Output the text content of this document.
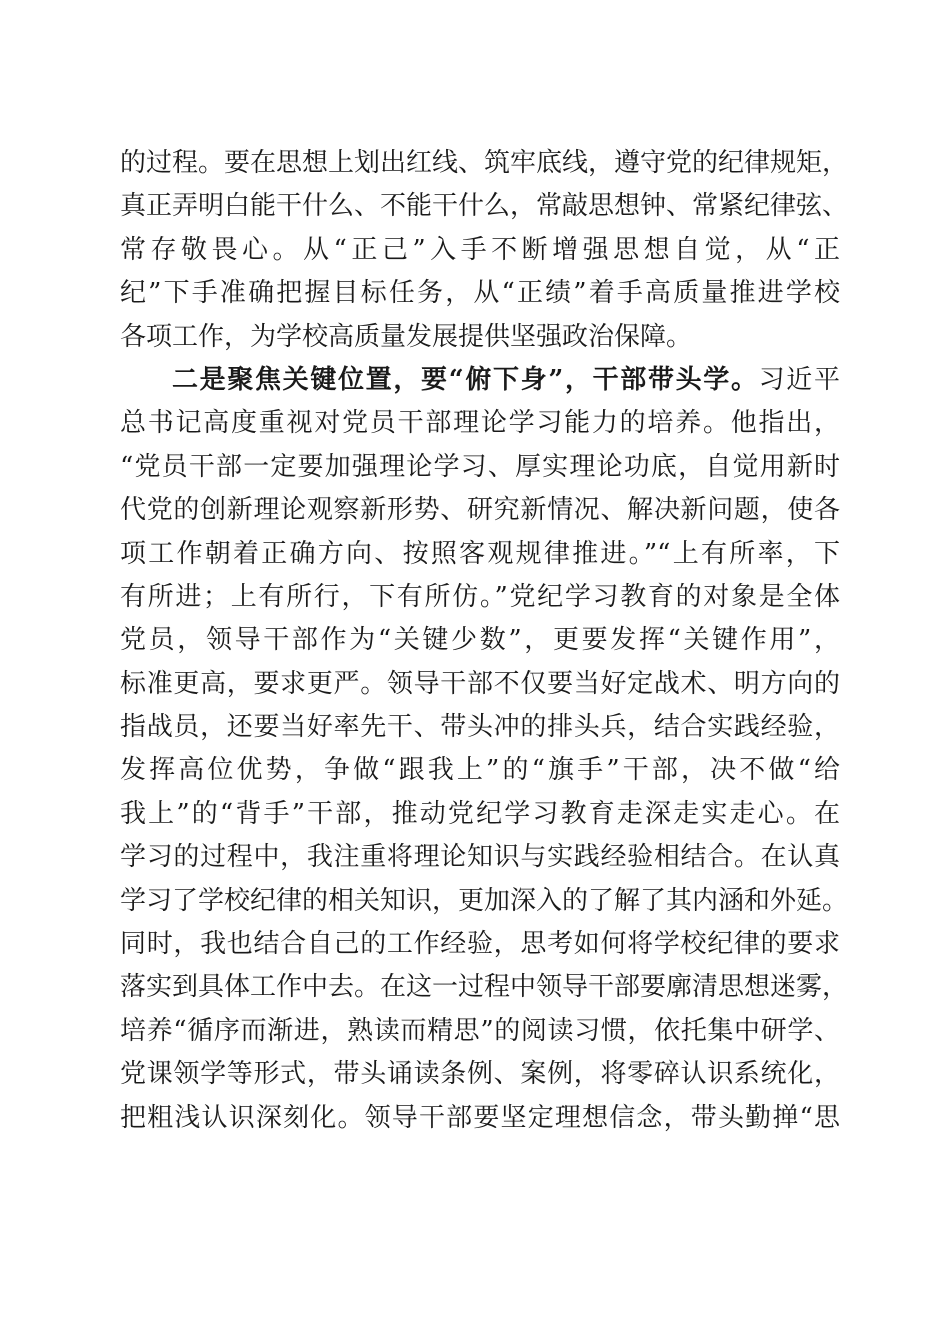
的过程。要在思想上划出红线、筑牢底线，遵守党的纪律规矩，
真正弄明白能干什么、不能干什么，常敲思想钟、常紧纪律弦、
常存敬畏心。从“正己”入手不断增强思想自觉，从“正
纪”下手准确把握目标任务，从“正绩”着手高质量推进学校
各项工作，为学校高质量发展提供坚强政治保障。
二是聚焦关键位置，要“俯下身”，干部带头学。习近平
总书记高度重视对党员干部理论学习能力的培养。他指出，
“党员干部一定要加强理论学习、厚实理论功底，自觉用新时
代党的创新理论观察新形势、研究新情况、解决新问题，使各
项工作朝着正确方向、按照客观规律推进。”“上有所率，下
有所进；上有所行，下有所仿。”党纪学习教育的对象是全体
党员，领导干部作为“关键少数”，更要发挥“关键作用”，
标准更高，要求更严。领导干部不仅要当好定战术、明方向的
指战员，还要当好率先干、带头冲的排头兵，结合实践经验，
发挥高位优势，争做“跟我上”的“旗手”干部，决不做“给
我上”的“背手”干部，推动党纪学习教育走深走实走心。在
学习的过程中，我注重将理论知识与实践经验相结合。在认真
学习了学校纪律的相关知识，更加深入的了解了其内涵和外延。
同时，我也结合自己的工作经验，思考如何将学校纪律的要求
落实到具体工作中去。在这一过程中领导干部要廓清思想迷雾，
培养“循序而渐进，熟读而精思”的阅读习惯，依托集中研学、
党课领学等形式，带头诵读条例、案例，将零碎认识系统化，
把粗浅认识深刻化。领导干部要坚定理想信念，带头勤掸“思
